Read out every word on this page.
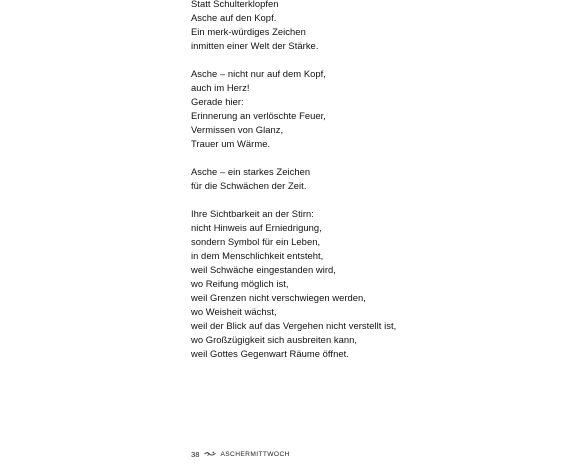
Statt Schulterklopfen
Asche auf den Kopf.
Ein merk-würdiges Zeichen
inmitten einer Welt der Stärke.
Asche – nicht nur auf dem Kopf,
auch im Herz!
Gerade hier:
Erinnerung an verlöschte Feuer,
Vermissen von Glanz,
Trauer um Wärme.
Asche – ein starkes Zeichen
für die Schwächen der Zeit.
Ihre Sichtbarkeit an der Stirn:
nicht Hinweis auf Erniedrigung,
sondern Symbol für ein Leben,
in dem Menschlichkeit entsteht,
weil Schwäche eingestanden wird,
wo Reifung möglich ist,
weil Grenzen nicht verschwiegen werden,
wo Weisheit wächst,
weil der Blick auf das Vergehen nicht verstellt ist,
wo Großzügigkeit sich ausbreiten kann,
weil Gottes Gegenwart Räume öffnet.
38	ASCHERMITTWOCH
